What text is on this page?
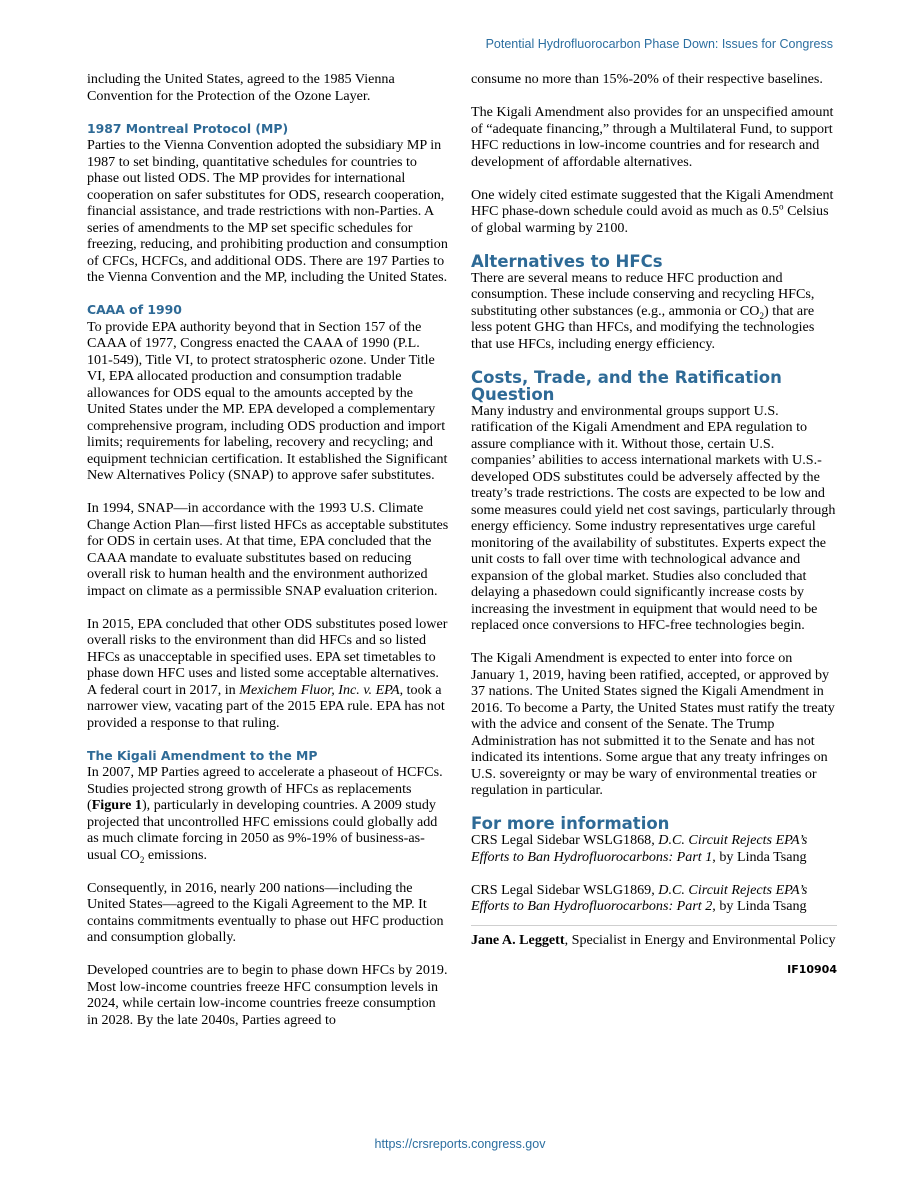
Potential Hydrofluorocarbon Phase Down: Issues for Congress

including the United States, agreed to the 1985 Vienna Convention for the Protection of the Ozone Layer.

1987 Montreal Protocol (MP)

Parties to the Vienna Convention adopted the subsidiary MP in 1987 to set binding, quantitative schedules for countries to phase out listed ODS. The MP provides for international cooperation on safer substitutes for ODS, research cooperation, financial assistance, and trade restrictions with non-Parties. A series of amendments to the MP set specific schedules for freezing, reducing, and prohibiting production and consumption of CFCs, HCFCs, and additional ODS. There are 197 Parties to the Vienna Convention and the MP, including the United States.

CAAA of 1990

To provide EPA authority beyond that in Section 157 of the CAAA of 1977, Congress enacted the CAAA of 1990 (P.L. 101-549), Title VI, to protect stratospheric ozone. Under Title VI, EPA allocated production and consumption tradable allowances for ODS equal to the amounts accepted by the United States under the MP. EPA developed a complementary comprehensive program, including ODS production and import limits; requirements for labeling, recovery and recycling; and equipment technician certification. It established the Significant New Alternatives Policy (SNAP) to approve safer substitutes.

In 1994, SNAP—in accordance with the 1993 U.S. Climate Change Action Plan—first listed HFCs as acceptable substitutes for ODS in certain uses. At that time, EPA concluded that the CAAA mandate to evaluate substitutes based on reducing overall risk to human health and the environment authorized impact on climate as a permissible SNAP evaluation criterion.

In 2015, EPA concluded that other ODS substitutes posed lower overall risks to the environment than did HFCs and so listed HFCs as unacceptable in specified uses. EPA set timetables to phase down HFC uses and listed some acceptable alternatives. A federal court in 2017, in Mexichem Fluor, Inc. v. EPA, took a narrower view, vacating part of the 2015 EPA rule. EPA has not provided a response to that ruling.

The Kigali Amendment to the MP

In 2007, MP Parties agreed to accelerate a phaseout of HCFCs. Studies projected strong growth of HFCs as replacements (Figure 1), particularly in developing countries. A 2009 study projected that uncontrolled HFC emissions could globally add as much climate forcing in 2050 as 9%-19% of business-as-usual $CO_2$ emissions.

Consequently, in 2016, nearly 200 nations—including the United States—agreed to the Kigali Agreement to the MP. It contains commitments eventually to phase out HFC production and consumption globally.

Developed countries are to begin to phase down HFCs by 2019. Most low-income countries freeze HFC consumption levels in 2024, while certain low-income countries freeze consumption in 2028. By the late 2040s, Parties agreed to

consume no more than 15%-20% of their respective baselines.

The Kigali Amendment also provides for an unspecified amount of “adequate financing,” through a Multilateral Fund, to support HFC reductions in low-income countries and for research and development of affordable alternatives.

One widely cited estimate suggested that the Kigali Amendment HFC phase-down schedule could avoid as much as 0.5$^o$ Celsius of global warming by 2100.

Alternatives to HFCs

There are several means to reduce HFC production and consumption. These include conserving and recycling HFCs, substituting other substances (e.g., ammonia or $CO_2$) that are less potent GHG than HFCs, and modifying the technologies that use HFCs, including energy efficiency.

Costs, Trade, and the Ratification Question

Many industry and environmental groups support U.S. ratification of the Kigali Amendment and EPA regulation to assure compliance with it. Without those, certain U.S. companies’ abilities to access international markets with U.S.-developed ODS substitutes could be adversely affected by the treaty’s trade restrictions. The costs are expected to be low and some measures could yield net cost savings, particularly through energy efficiency. Some industry representatives urge careful monitoring of the availability of substitutes. Experts expect the unit costs to fall over time with technological advance and expansion of the global market. Studies also concluded that delaying a phasedown could significantly increase costs by increasing the investment in equipment that would need to be replaced once conversions to HFC-free technologies begin.

The Kigali Amendment is expected to enter into force on January 1, 2019, having been ratified, accepted, or approved by 37 nations. The United States signed the Kigali Amendment in 2016. To become a Party, the United States must ratify the treaty with the advice and consent of the Senate. The Trump Administration has not submitted it to the Senate and has not indicated its intentions. Some argue that any treaty infringes on U.S. sovereignty or may be wary of environmental treaties or regulation in particular.

For more information

CRS Legal Sidebar WSLG1868, D.C. Circuit Rejects EPA’s Efforts to Ban Hydrofluorocarbons: Part 1, by Linda Tsang

CRS Legal Sidebar WSLG1869, D.C. Circuit Rejects EPA’s Efforts to Ban Hydrofluorocarbons: Part 2, by Linda Tsang

Jane A. Leggett, Specialist in Energy and Environmental Policy

IF10904
https://crsreports.congress.gov
